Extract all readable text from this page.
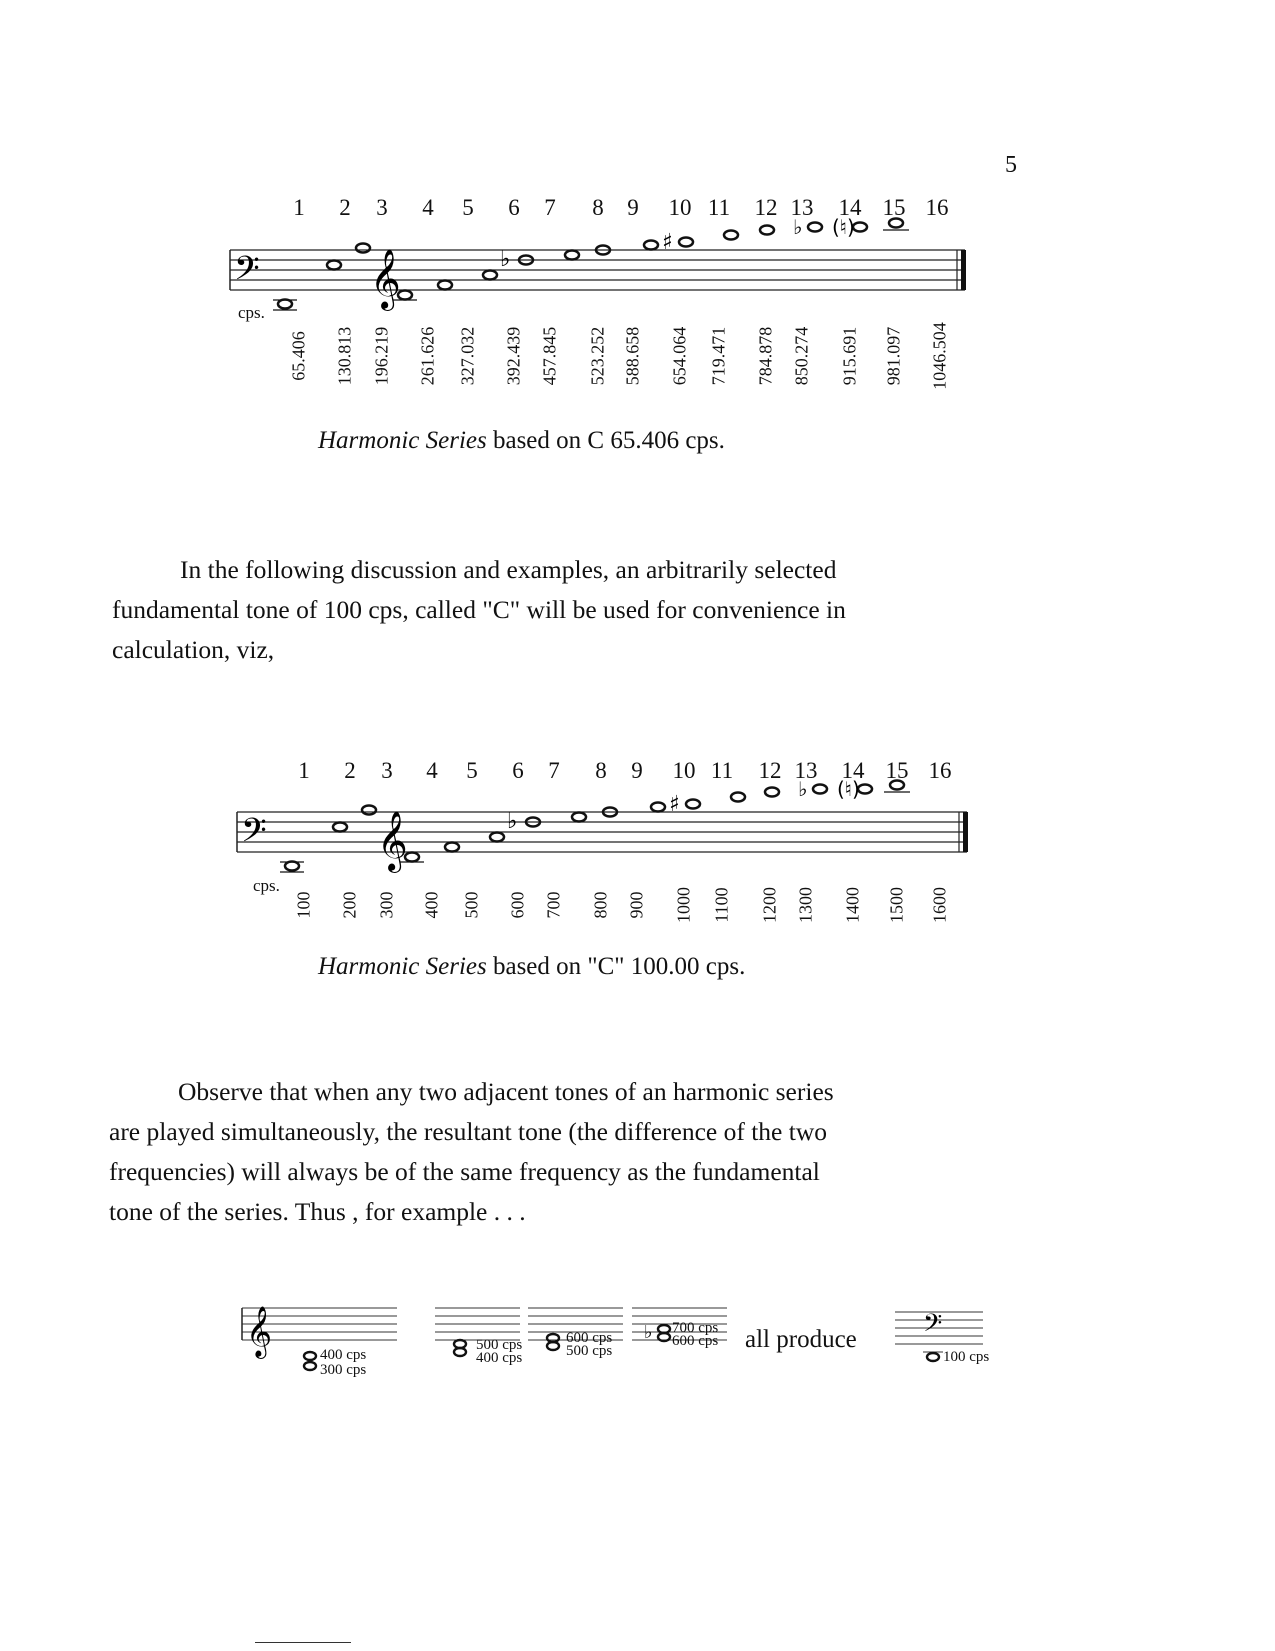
5
1 2 3 4 5 6 7 8 9 10 11 12 13 14 15 16
𝄢 𝄞	♭
♯
♭ (♮)
cps.
65.406 130.813 196.219 261.626 327.032 392.439 457.845 523.252 588.658 654.064 719.471 784.878 850.274 915.691 981.097 1046.504
Harmonic Series based on C 65.406 cps.

In the following discussion and examples, an arbitrarily selected

fundamental tone of 100 cps, called "C" will be used for convenience in

calculation, viz,

1 2 3 4 5 6 7 8 9 10 11 12 13 14 15 16
𝄢 𝄞	♭
♯
♭ (♮)
cps.
100 200 300 400 500 600 700 800 900 1000 1100 1200 1300 1400 1500 1600
Harmonic Series based on "C" 100.00 cps.

Observe that when any two adjacent tones of an harmonic series

are played simultaneously, the resultant tone (the difference of the two

frequencies) will always be of the same frequency as the fundamental

tone of the series. Thus , for example . . .

𝄞	400 cps
300 cps
500 cps
400 cps
600 cps
500 cps
♭ 700 cps
600 cps all produce 𝄢
100 cps
